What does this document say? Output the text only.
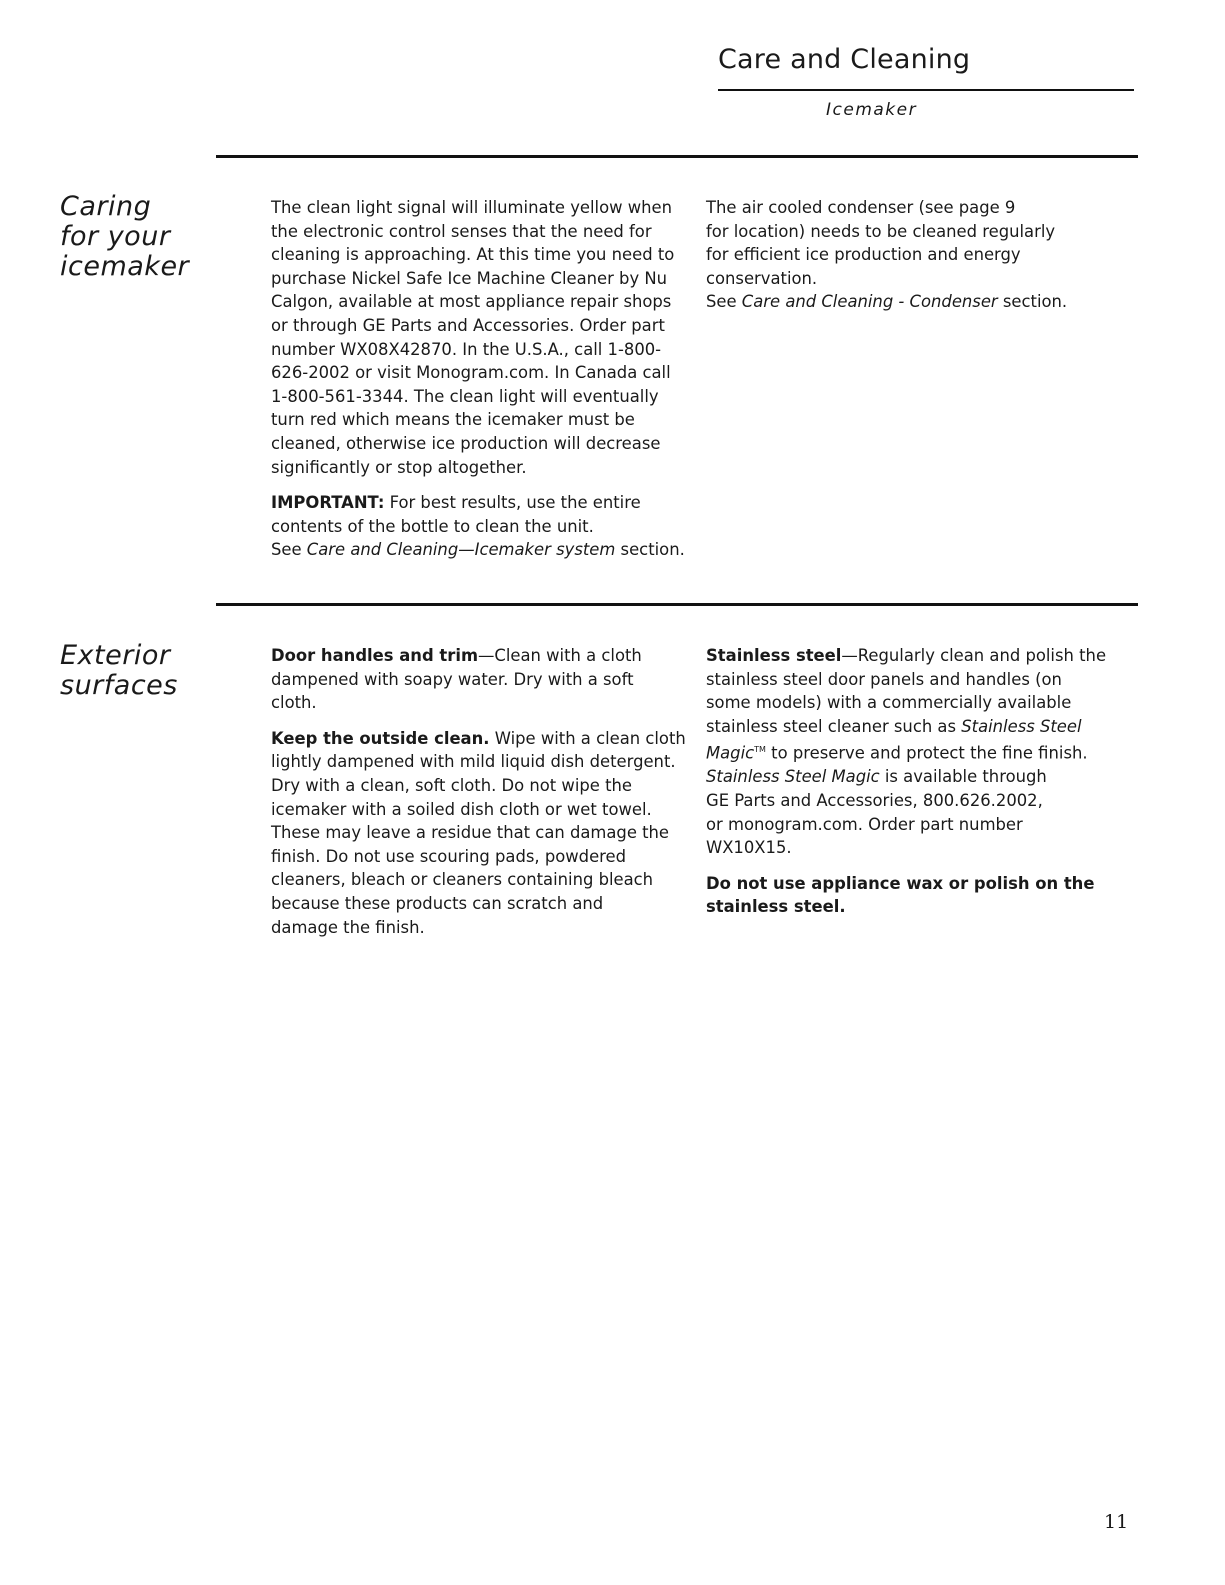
Care and Cleaning
Icemaker
Caring
for your
icemaker

The clean light signal will illuminate yellow when
the electronic control senses that the need for
cleaning is approaching. At this time you need to
purchase Nickel Safe Ice Machine Cleaner by Nu
Calgon, available at most appliance repair shops
or through GE Parts and Accessories. Order part
number WX08X42870. In the U.S.A., call 1-800-
626-2002 or visit Monogram.com. In Canada call
1-800-561-3344. The clean light will eventually
turn red which means the icemaker must be
cleaned, otherwise ice production will decrease
significantly or stop altogether.

IMPORTANT: For best results, use the entire
contents of the bottle to clean the unit.
See Care and Cleaning—Icemaker system section.

The air cooled condenser (see page 9
for location) needs to be cleaned regularly
for efficient ice production and energy
conservation.
See Care and Cleaning - Condenser section.

Exterior
surfaces

Door handles and trim—Clean with a cloth
dampened with soapy water. Dry with a soft
cloth.

Keep the outside clean. Wipe with a clean cloth
lightly dampened with mild liquid dish detergent.
Dry with a clean, soft cloth. Do not wipe the
icemaker with a soiled dish cloth or wet towel.
These may leave a residue that can damage the
finish. Do not use scouring pads, powdered
cleaners, bleach or cleaners containing bleach
because these products can scratch and
damage the finish.

Stainless steel—Regularly clean and polish the
stainless steel door panels and handles (on
some models) with a commercially available
stainless steel cleaner such as Stainless Steel
Magic™ to preserve and protect the fine finish.
Stainless Steel Magic is available through
GE Parts and Accessories, 800.626.2002,
or monogram.com. Order part number
WX10X15.

Do not use appliance wax or polish on the
stainless steel.

11
